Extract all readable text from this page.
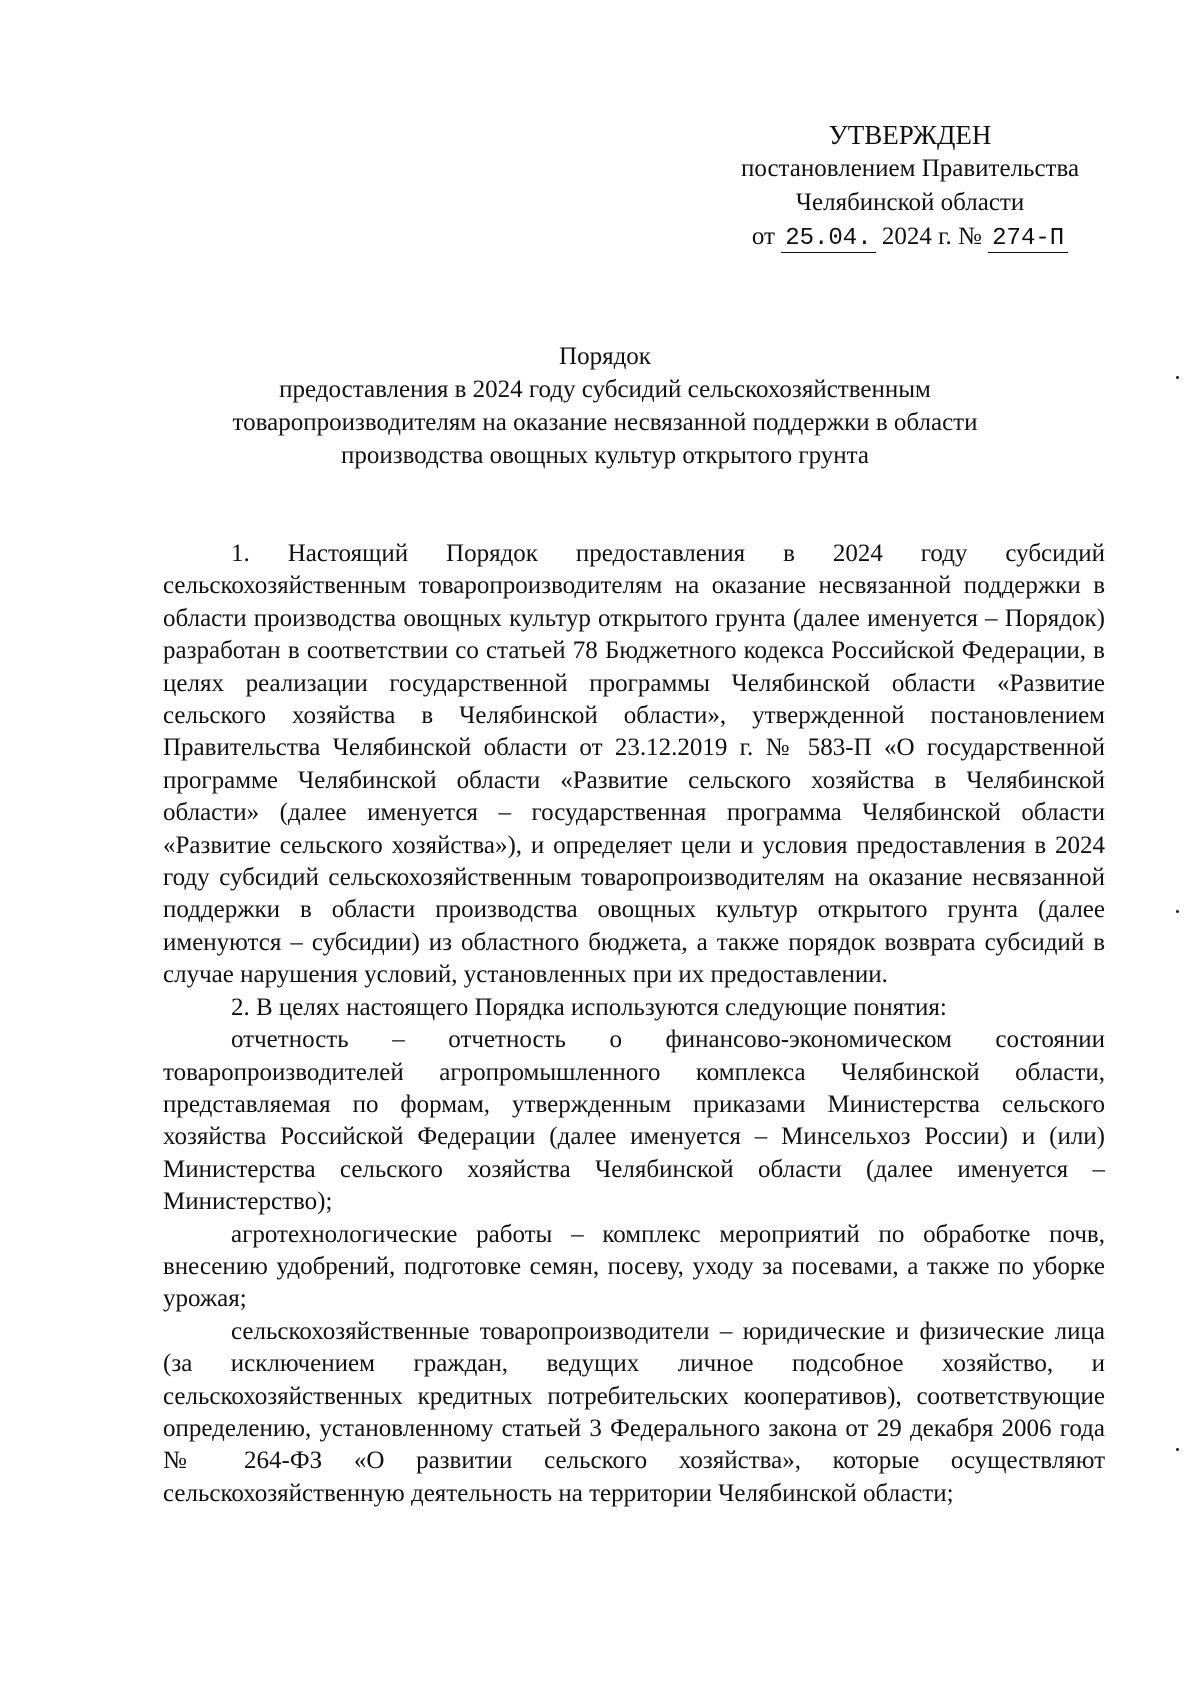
УТВЕРЖДЕН
постановлением Правительства
Челябинской области
от 25.04. 2024 г. № 274-П
Порядок
предоставления в 2024 году субсидий сельскохозяйственным
товаропроизводителям на оказание несвязанной поддержки в области
производства овощных культур открытого грунта

1. Настоящий Порядок предоставления в 2024 году субсидий сельскохозяйственным товаропроизводителям на оказание несвязанной поддержки в области производства овощных культур открытого грунта (далее именуется – Порядок) разработан в соответствии со статьей 78 Бюджетного кодекса Российской Федерации, в целях реализации государственной программы Челябинской области «Развитие сельского хозяйства в Челябинской области», утвержденной постановлением Правительства Челябинской области от 23.12.2019 г. № 583-П «О государственной программе Челябинской области «Развитие сельского хозяйства в Челябинской области» (далее именуется – государственная программа Челябинской области «Развитие сельского хозяйства»), и определяет цели и условия предоставления в 2024 году субсидий сельскохозяйственным товаропроизводителям на оказание несвязанной поддержки в области производства овощных культур открытого грунта (далее именуются – субсидии) из областного бюджета, а также порядок возврата субсидий в случае нарушения условий, установленных при их предоставлении.

2. В целях настоящего Порядка используются следующие понятия:

отчетность – отчетность о финансово-экономическом состоянии товаропроизводителей агропромышленного комплекса Челябинской области, представляемая по формам, утвержденным приказами Министерства сельского хозяйства Российской Федерации (далее именуется – Минсельхоз России) и (или) Министерства сельского хозяйства Челябинской области (далее именуется – Министерство);

агротехнологические работы – комплекс мероприятий по обработке почв, внесению удобрений, подготовке семян, посеву, уходу за посевами, а также по уборке урожая;

сельскохозяйственные товаропроизводители – юридические и физические лица (за исключением граждан, ведущих личное подсобное хозяйство, и сельскохозяйственных кредитных потребительских кооперативов), соответствующие определению, установленному статьей 3 Федерального закона от 29 декабря 2006 года № 264-ФЗ «О развитии сельского хозяйства», которые осуществляют сельскохозяйственную деятельность на территории Челябинской области;
